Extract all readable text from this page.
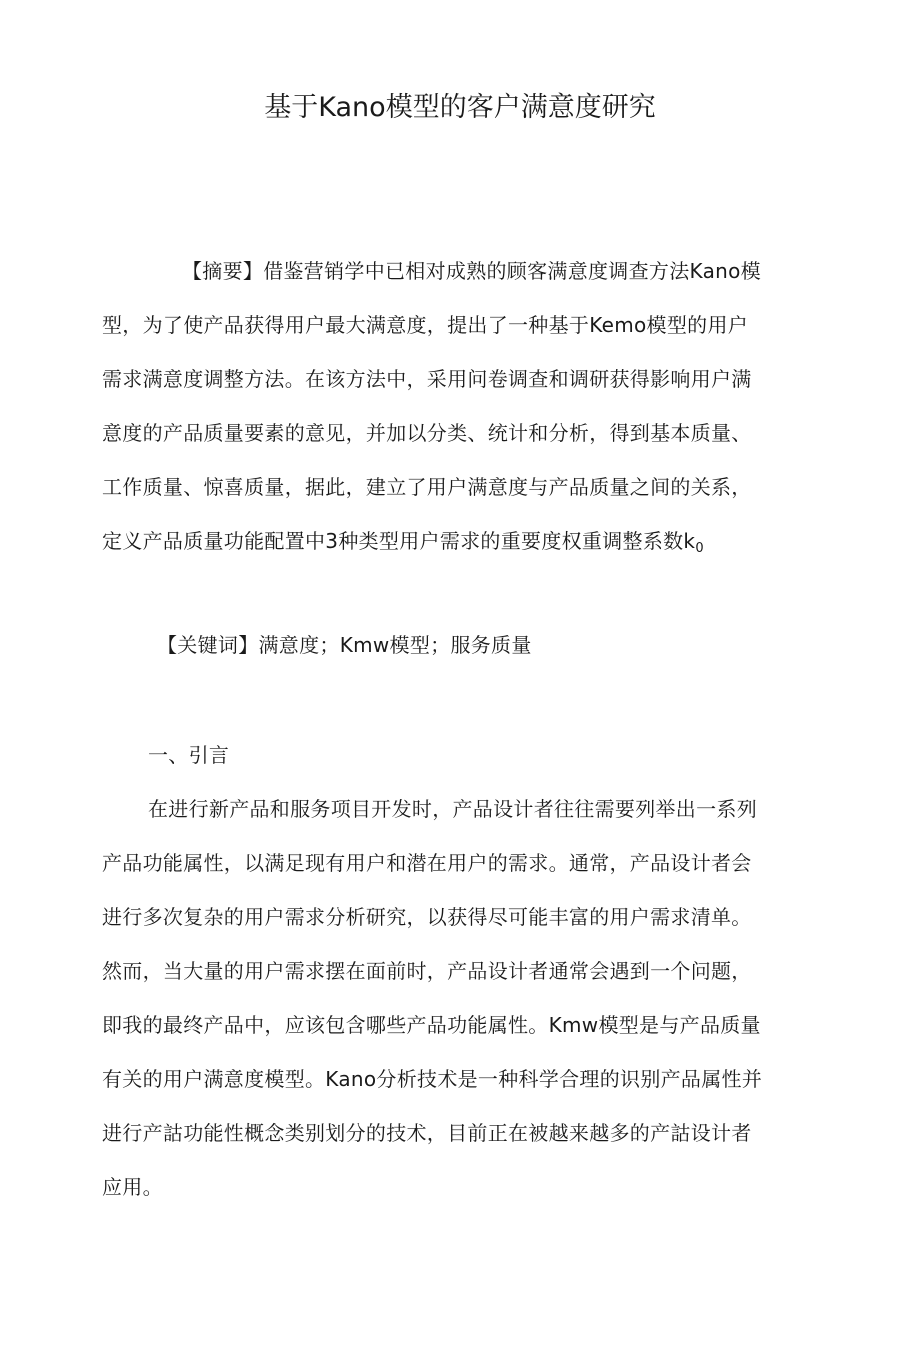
基于Kano模型的客户满意度研究
【摘要】借鉴营销学中已相对成熟的顾客满意度调查方法Kano模
型，为了使产品获得用户最大满意度，提出了一种基于Kemo模型的用户
需求满意度调整方法。在该方法中，采用问卷调查和调研获得影响用户满
意度的产品质量要素的意见，并加以分类、统计和分析，得到基本质量、
工作质量、惊喜质量，据此，建立了用户满意度与产品质量之间的关系，
定义产品质量功能配置中3种类型用户需求的重要度权重调整系数$k_0$
【关键词】满意度；Kmw模型；服务质量
一、引言
在进行新产品和服务项目开发时，产品设计者往往需要列举出一系列
产品功能属性，以满足现有用户和潜在用户的需求。通常，产品设计者会
进行多次复杂的用户需求分析研究，以获得尽可能丰富的用户需求清单。
然而，当大量的用户需求摆在面前时，产品设计者通常会遇到一个问题，
即我的最终产品中，应该包含哪些产品功能属性。Kmw模型是与产品质量
有关的用户满意度模型。Kano分析技术是一种科学合理的识别产品属性并
进行产詁功能性概念类别划分的技术，目前正在被越来越多的产詁设计者
应用。
